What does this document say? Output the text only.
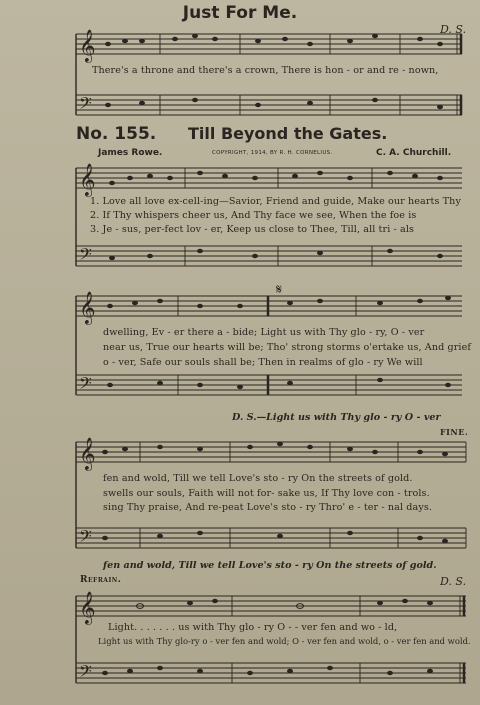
Just For Me.
D. S.
𝄞
𝄢
𝄞
𝄢
𝄞
𝄢
𝄞
𝄢
𝄞
𝄢
𝄋
There's a throne and there's a crown, There is hon - or and re - nown,
No. 155. Till Beyond the Gates.
James Rowe.	COPYRIGHT, 1914, BY R. H. CORNELIUS.	C. A. Churchill.
1. Love all love ex-cell-ing—Savior, Friend and guide, Make our hearts Thy
2. If Thy whispers cheer us, And Thy face we see, When the foe is
3. Je - sus, per-fect lov - er, Keep us close to Thee, Till, all tri - als
dwelling, Ev - er there a - bide; Light us with Thy glo - ry, O - ver
near us, True our hearts will be; Tho' strong storms o'ertake us, And grief
o - ver, Safe our souls shall be; Then in realms of glo - ry We will
D. S.—Light us with Thy glo - ry O - ver
FINE.
fen and wold, Till we tell Love's sto - ry On the streets of gold.
swells our souls, Faith will not for- sake us, If Thy love con - trols.
sing Thy praise, And re-peat Love's sto - ry Thro' e - ter - nal days.
fen and wold, Till we tell Love's sto - ry On the streets of gold.
Refrain.	D. S.
Light. . . . . . . us with Thy glo - ry O - - ver fen and wo - ld,
Light us with Thy glo-ry o - ver fen and wold; O - ver fen and wold, o - ver fen and wold.
